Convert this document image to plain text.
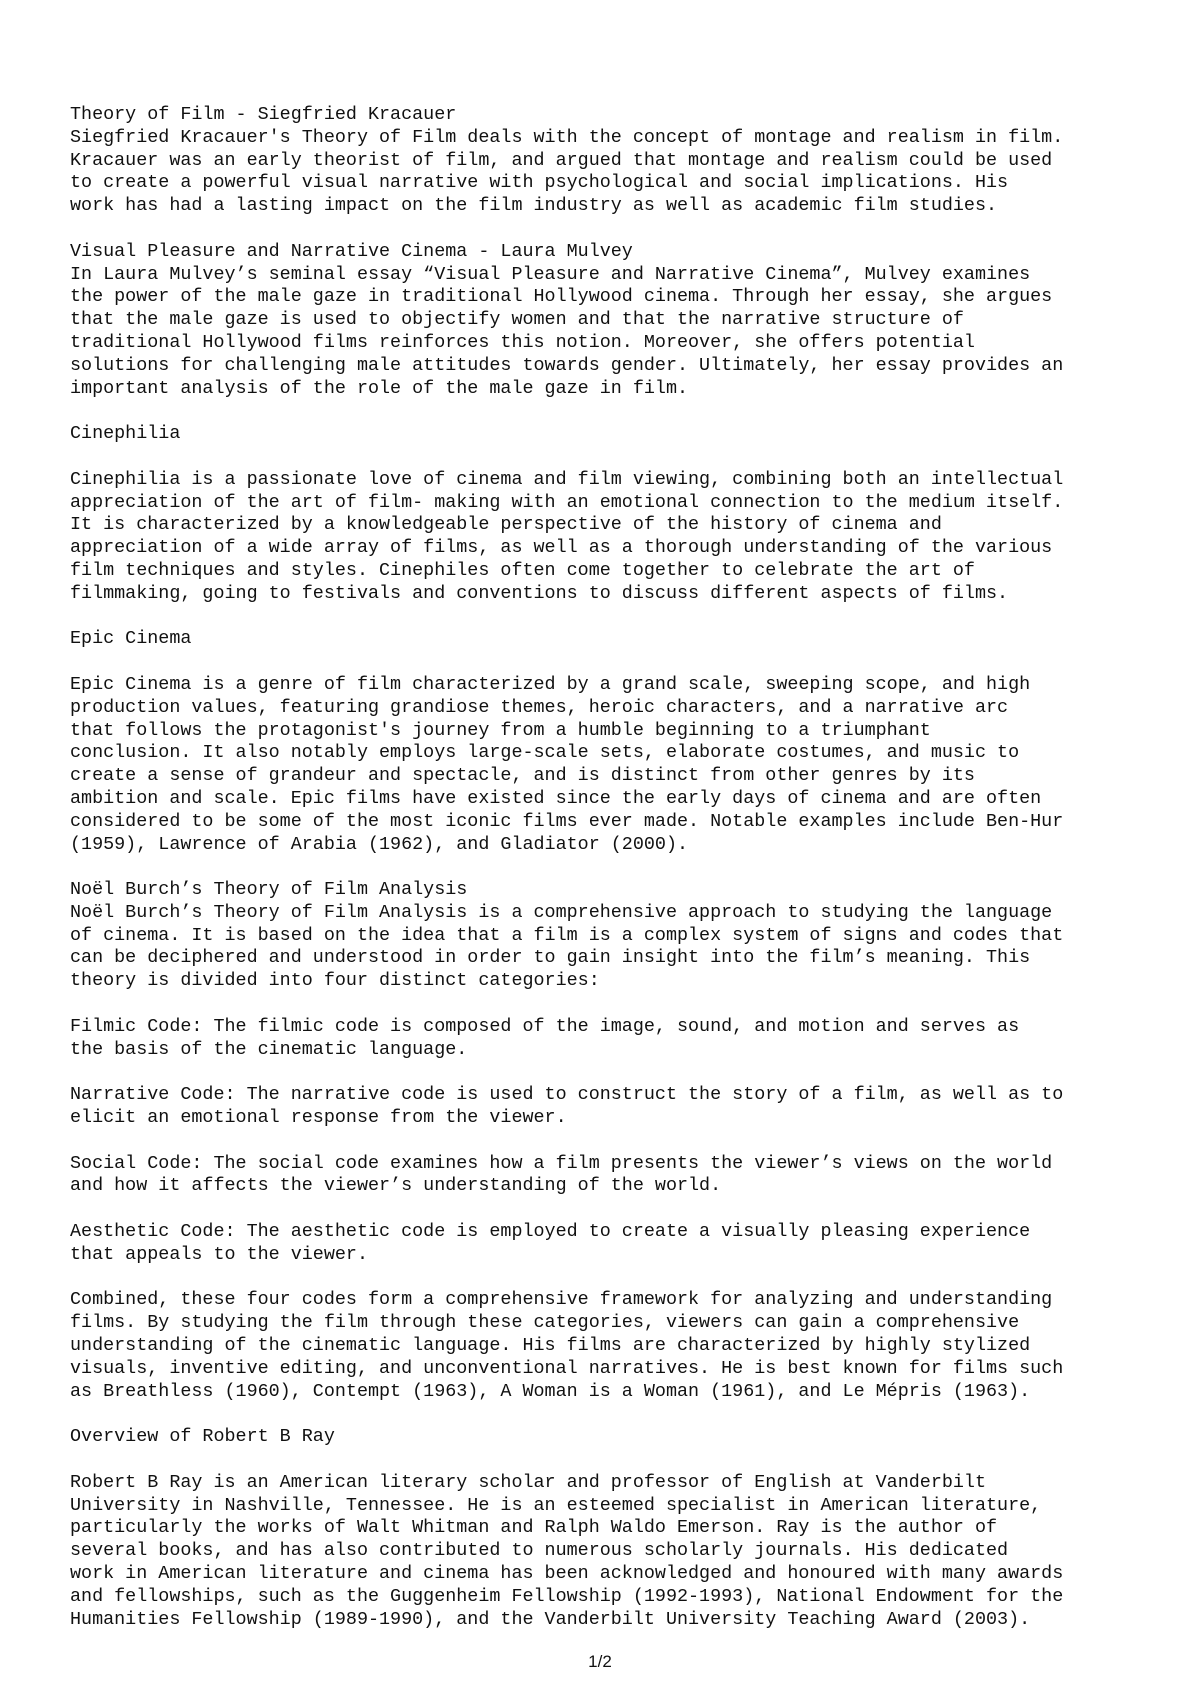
Theory of Film - Siegfried Kracauer
Siegfried Kracauer's Theory of Film deals with the concept of montage and realism in film.
Kracauer was an early theorist of film, and argued that montage and realism could be used
to create a powerful visual narrative with psychological and social implications. His
work has had a lasting impact on the film industry as well as academic film studies.
Visual Pleasure and Narrative Cinema - Laura Mulvey
In Laura Mulvey’s seminal essay “Visual Pleasure and Narrative Cinema”, Mulvey examines
the power of the male gaze in traditional Hollywood cinema. Through her essay, she argues
that the male gaze is used to objectify women and that the narrative structure of
traditional Hollywood films reinforces this notion. Moreover, she offers potential
solutions for challenging male attitudes towards gender. Ultimately, her essay provides an
important analysis of the role of the male gaze in film.
Cinephilia
Cinephilia is a passionate love of cinema and film viewing, combining both an intellectual
appreciation of the art of film- making with an emotional connection to the medium itself.
It is characterized by a knowledgeable perspective of the history of cinema and
appreciation of a wide array of films, as well as a thorough understanding of the various
film techniques and styles. Cinephiles often come together to celebrate the art of
filmmaking, going to festivals and conventions to discuss different aspects of films.
Epic Cinema
Epic Cinema is a genre of film characterized by a grand scale, sweeping scope, and high
production values, featuring grandiose themes, heroic characters, and a narrative arc
that follows the protagonist's journey from a humble beginning to a triumphant
conclusion. It also notably employs large-scale sets, elaborate costumes, and music to
create a sense of grandeur and spectacle, and is distinct from other genres by its
ambition and scale. Epic films have existed since the early days of cinema and are often
considered to be some of the most iconic films ever made. Notable examples include Ben-Hur
(1959), Lawrence of Arabia (1962), and Gladiator (2000).
Noël Burch’s Theory of Film Analysis
Noël Burch’s Theory of Film Analysis is a comprehensive approach to studying the language
of cinema. It is based on the idea that a film is a complex system of signs and codes that
can be deciphered and understood in order to gain insight into the film’s meaning. This
theory is divided into four distinct categories:
Filmic Code: The filmic code is composed of the image, sound, and motion and serves as
the basis of the cinematic language.
Narrative Code: The narrative code is used to construct the story of a film, as well as to
elicit an emotional response from the viewer.
Social Code: The social code examines how a film presents the viewer’s views on the world
and how it affects the viewer’s understanding of the world.
Aesthetic Code: The aesthetic code is employed to create a visually pleasing experience
that appeals to the viewer.
Combined, these four codes form a comprehensive framework for analyzing and understanding
films. By studying the film through these categories, viewers can gain a comprehensive
understanding of the cinematic language. His films are characterized by highly stylized
visuals, inventive editing, and unconventional narratives. He is best known for films such
as Breathless (1960), Contempt (1963), A Woman is a Woman (1961), and Le Mépris (1963).
Overview of Robert B Ray
Robert B Ray is an American literary scholar and professor of English at Vanderbilt
University in Nashville, Tennessee. He is an esteemed specialist in American literature,
particularly the works of Walt Whitman and Ralph Waldo Emerson. Ray is the author of
several books, and has also contributed to numerous scholarly journals. His dedicated
work in American literature and cinema has been acknowledged and honoured with many awards
and fellowships, such as the Guggenheim Fellowship (1992-1993), National Endowment for the
Humanities Fellowship (1989-1990), and the Vanderbilt University Teaching Award (2003).
1/2
